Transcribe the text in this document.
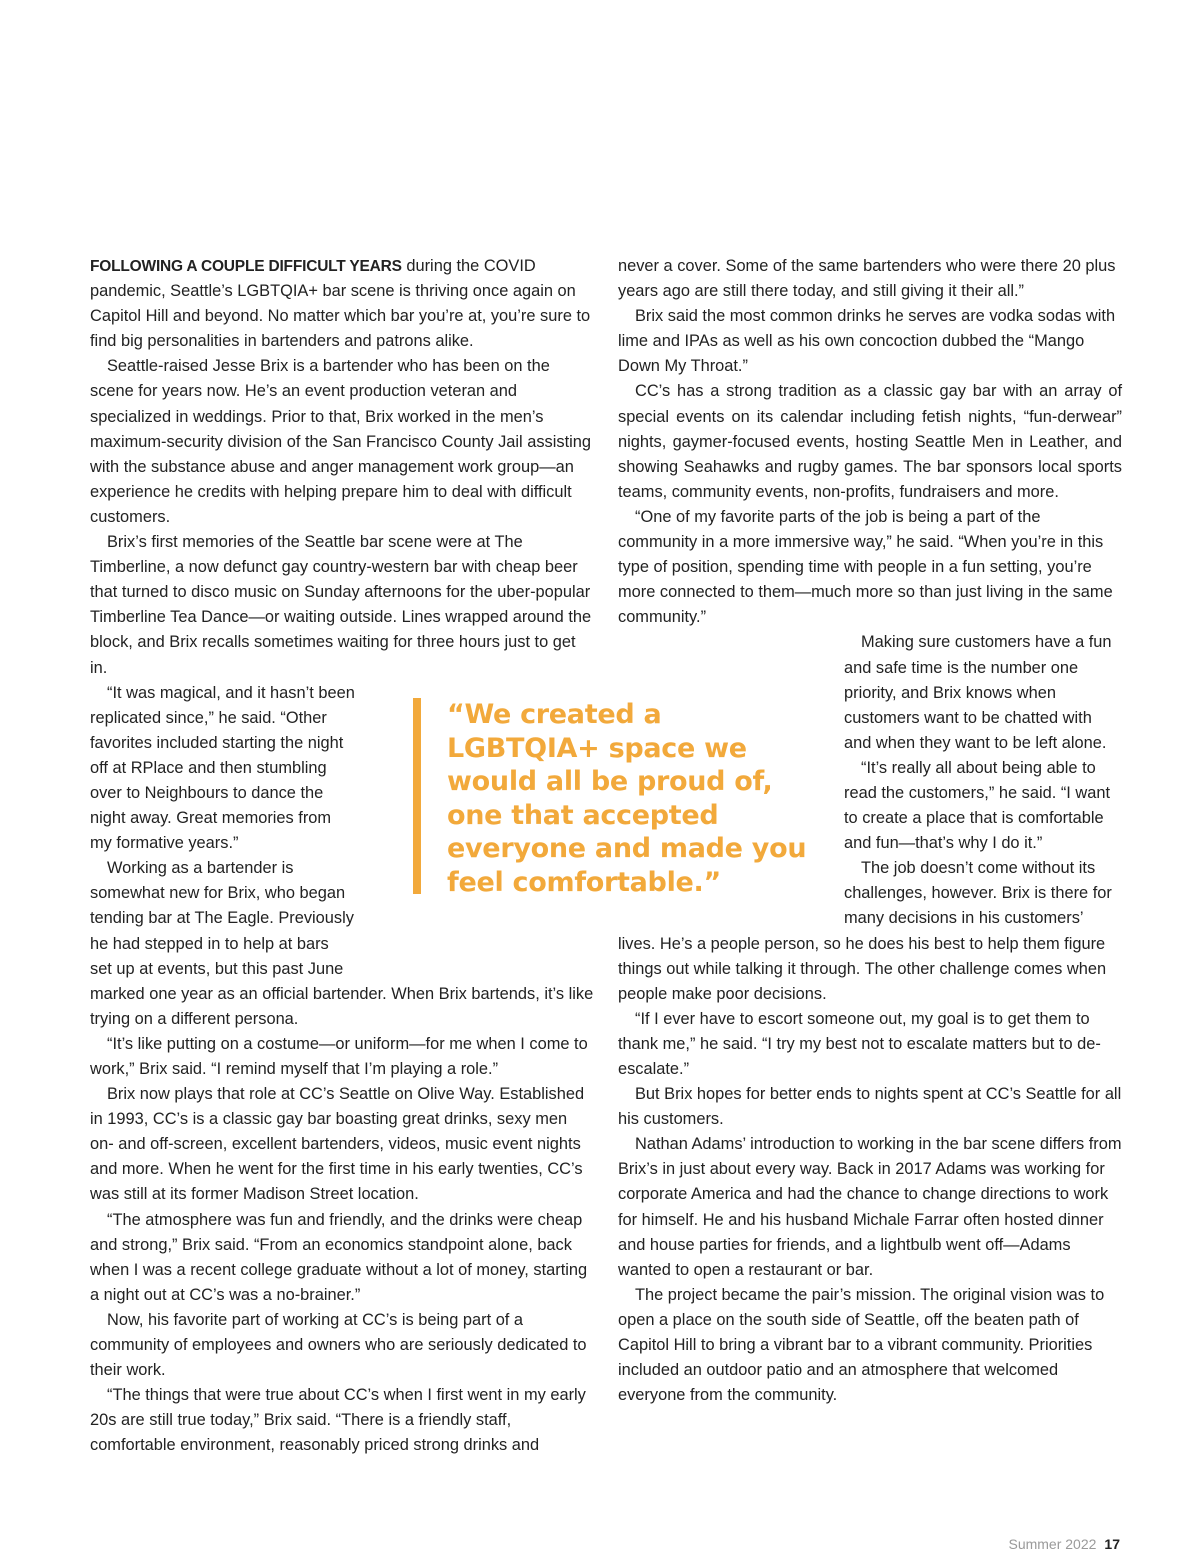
FOLLOWING A COUPLE DIFFICULT YEARS during the COVID pandemic, Seattle’s LGBTQIA+ bar scene is thriving once again on Capitol Hill and beyond. No matter which bar you’re at, you’re sure to find big personalities in bartenders and patrons alike.

Seattle-raised Jesse Brix is a bartender who has been on the scene for years now. He’s an event production veteran and specialized in weddings. Prior to that, Brix worked in the men’s maximum-security division of the San Francisco County Jail assisting with the substance abuse and anger management work group—an experience he credits with helping prepare him to deal with difficult customers.

Brix’s first memories of the Seattle bar scene were at The Timberline, a now defunct gay country-western bar with cheap beer that turned to disco music on Sunday afternoons for the uber-popular Timberline Tea Dance—or waiting outside. Lines wrapped around the block, and Brix recalls sometimes waiting for three hours just to get in.

“It was magical, and it hasn’t been replicated since,” he said. “Other favorites included starting the night off at RPlace and then stumbling over to Neighbours to dance the night away. Great memories from my formative years.”

Working as a bartender is somewhat new for Brix, who began tending bar at The Eagle. Previously he had stepped in to help at bars set up at events, but this past June marked one year as an official bartender. When Brix bartends, it’s like trying on a different persona.

“It’s like putting on a costume—or uniform—for me when I come to work,” Brix said. “I remind myself that I’m playing a role.”

Brix now plays that role at CC’s Seattle on Olive Way. Established in 1993, CC’s is a classic gay bar boasting great drinks, sexy men on- and off-screen, excellent bartenders, videos, music event nights and more. When he went for the first time in his early twenties, CC’s was still at its former Madison Street location.

“The atmosphere was fun and friendly, and the drinks were cheap and strong,” Brix said. “From an economics standpoint alone, back when I was a recent college graduate without a lot of money, starting a night out at CC’s was a no-brainer.”

Now, his favorite part of working at CC’s is being part of a community of employees and owners who are seriously dedicated to their work.

“The things that were true about CC’s when I first went in my early 20s are still true today,” Brix said. “There is a friendly staff, comfortable environment, reasonably priced strong drinks and

never a cover. Some of the same bartenders who were there 20 plus years ago are still there today, and still giving it their all.”

Brix said the most common drinks he serves are vodka sodas with lime and IPAs as well as his own concoction dubbed the “Mango Down My Throat.”

CC’s has a strong tradition as a classic gay bar with an array of special events on its calendar including fetish nights, “fun-derwear” nights, gaymer-focused events, hosting Seattle Men in Leather, and showing Seahawks and rugby games. The bar sponsors local sports teams, community events, non-profits, fundraisers and more.

“One of my favorite parts of the job is being a part of the community in a more immersive way,” he said. “When you’re in this type of position, spending time with people in a fun setting, you’re more connected to them—much more so than just living in the same community.”

Making sure customers have a fun and safe time is the number one priority, and Brix knows when customers want to be chatted with and when they want to be left alone.

“It’s really all about being able to read the customers,” he said. “I want to create a place that is comfortable and fun—that’s why I do it.”

The job doesn’t come without its challenges, however. Brix is there for many decisions in his customers’ lives. He’s a people person, so he does his best to help them figure things out while talking it through. The other challenge comes when people make poor decisions.

“If I ever have to escort someone out, my goal is to get them to thank me,” he said. “I try my best not to escalate matters but to de-escalate.”

But Brix hopes for better ends to nights spent at CC’s Seattle for all his customers.

Nathan Adams’ introduction to working in the bar scene differs from Brix’s in just about every way. Back in 2017 Adams was working for corporate America and had the chance to change directions to work for himself. He and his husband Michale Farrar often hosted dinner and house parties for friends, and a lightbulb went off—Adams wanted to open a restaurant or bar.

The project became the pair’s mission. The original vision was to open a place on the south side of Seattle, off the beaten path of Capitol Hill to bring a vibrant bar to a vibrant community. Priorities included an outdoor patio and an atmosphere that welcomed everyone from the community.

“We created a LGBTQIA+ space we would all be proud of, one that accepted everyone and made you feel comfortable.”

Summer 2022 17
